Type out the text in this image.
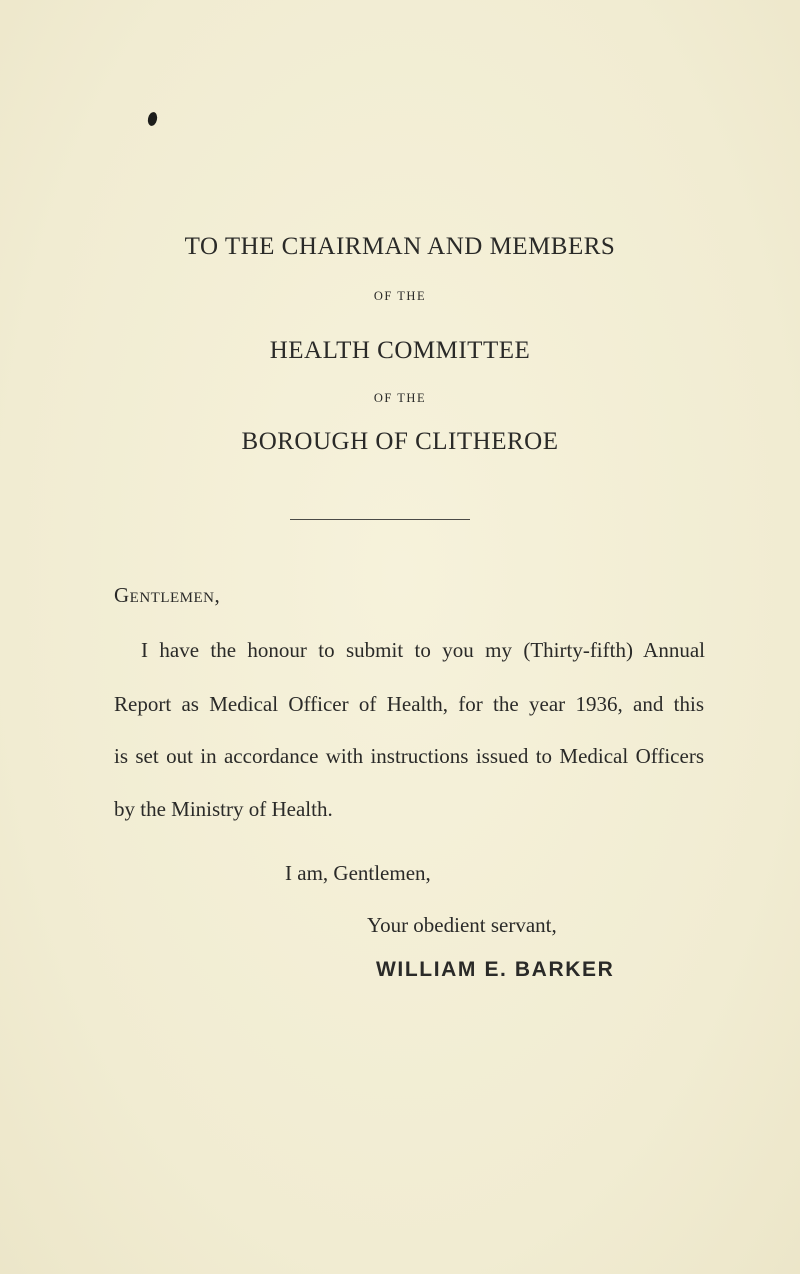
TO THE CHAIRMAN AND MEMBERS
OF THE
HEALTH COMMITTEE
OF THE
BOROUGH OF CLITHEROE
Gentlemen,
I have the honour to submit to you my (Thirty-fifth) Annual
Report as Medical Officer of Health, for the year 1936, and this
is set out in accordance with instructions issued to Medical Officers
by the Ministry of Health.
I am, Gentlemen,
Your obedient servant,
WILLIAM E. BARKER
